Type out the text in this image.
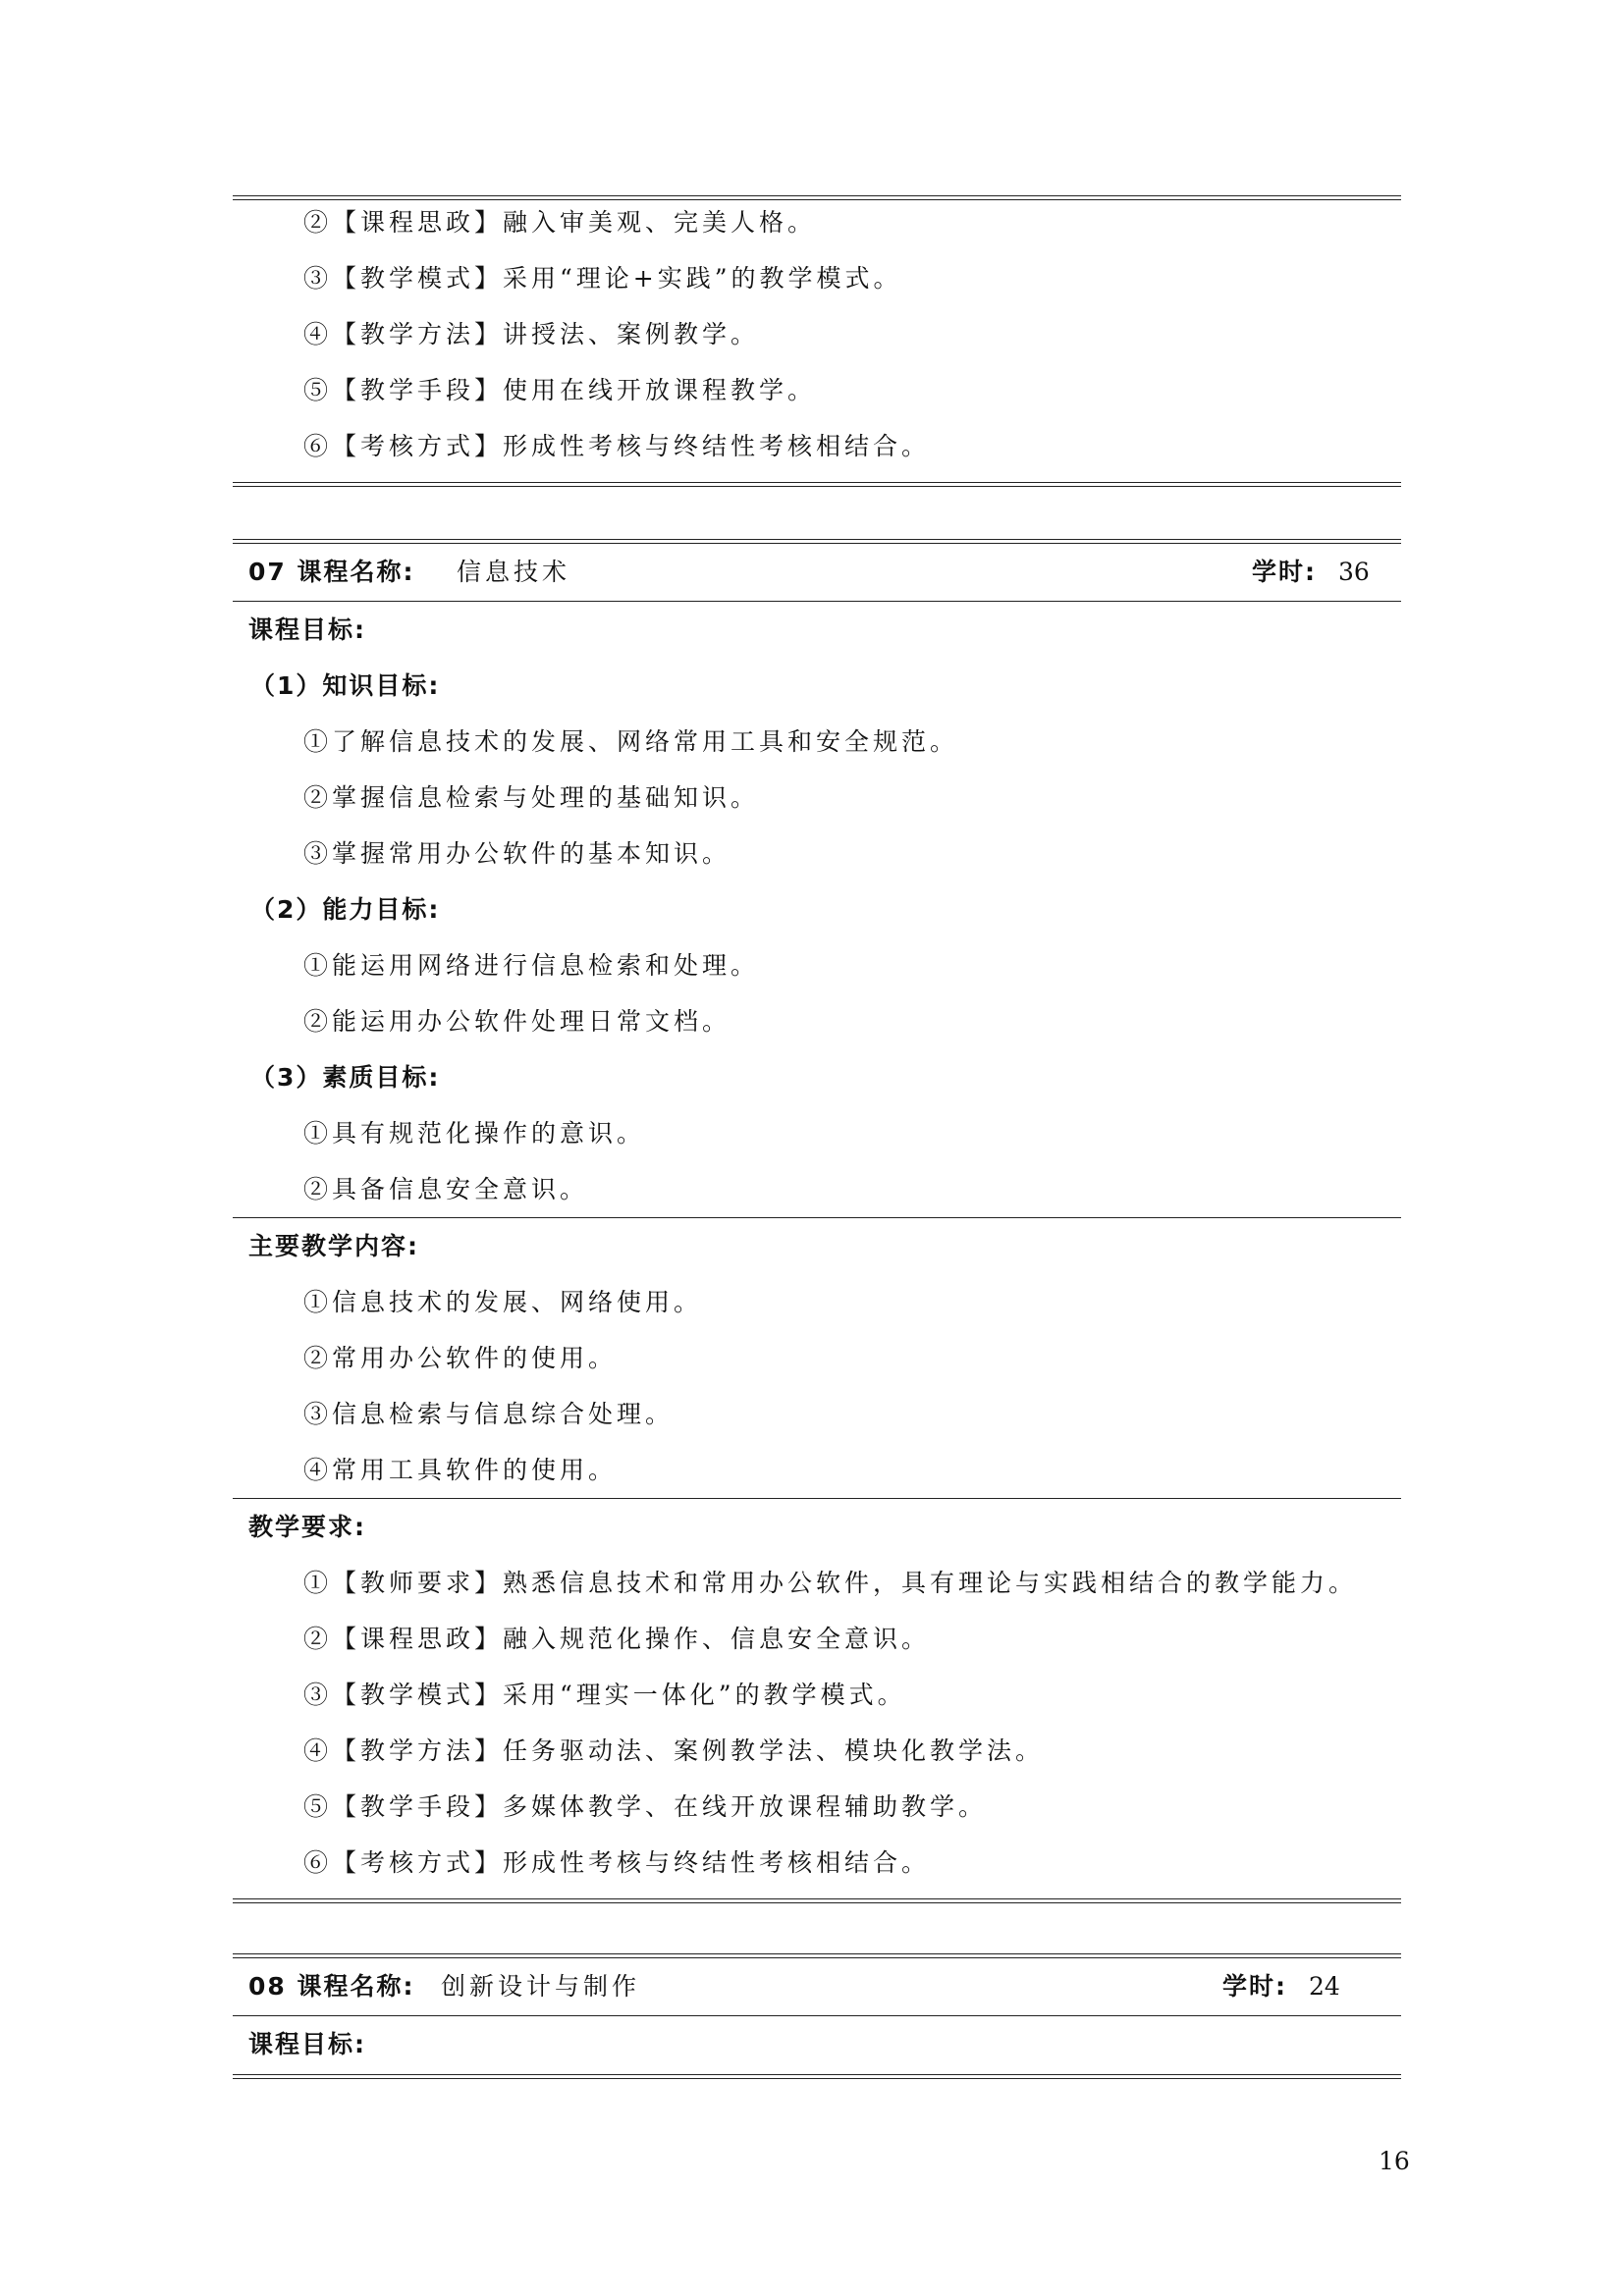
②【课程思政】融入审美观、完美人格。
③【教学模式】采用“理论+实践”的教学模式。
④【教学方法】讲授法、案例教学。
⑤【教学手段】使用在线开放课程教学。
⑥【考核方式】形成性考核与终结性考核相结合。
07 课程名称: 信息技术	学时: 36
课程目标:
（1）知识目标:
①了解信息技术的发展、网络常用工具和安全规范。
②掌握信息检索与处理的基础知识。
③掌握常用办公软件的基本知识。
（2）能力目标:
①能运用网络进行信息检索和处理。
②能运用办公软件处理日常文档。
（3）素质目标:
①具有规范化操作的意识。
②具备信息安全意识。
主要教学内容:
①信息技术的发展、网络使用。
②常用办公软件的使用。
③信息检索与信息综合处理。
④常用工具软件的使用。
教学要求:
①【教师要求】熟悉信息技术和常用办公软件，具有理论与实践相结合的教学能力。
②【课程思政】融入规范化操作、信息安全意识。
③【教学模式】采用“理实一体化”的教学模式。
④【教学方法】任务驱动法、案例教学法、模块化教学法。
⑤【教学手段】多媒体教学、在线开放课程辅助教学。
⑥【考核方式】形成性考核与终结性考核相结合。
08 课程名称: 创新设计与制作	学时: 24
课程目标:
16
